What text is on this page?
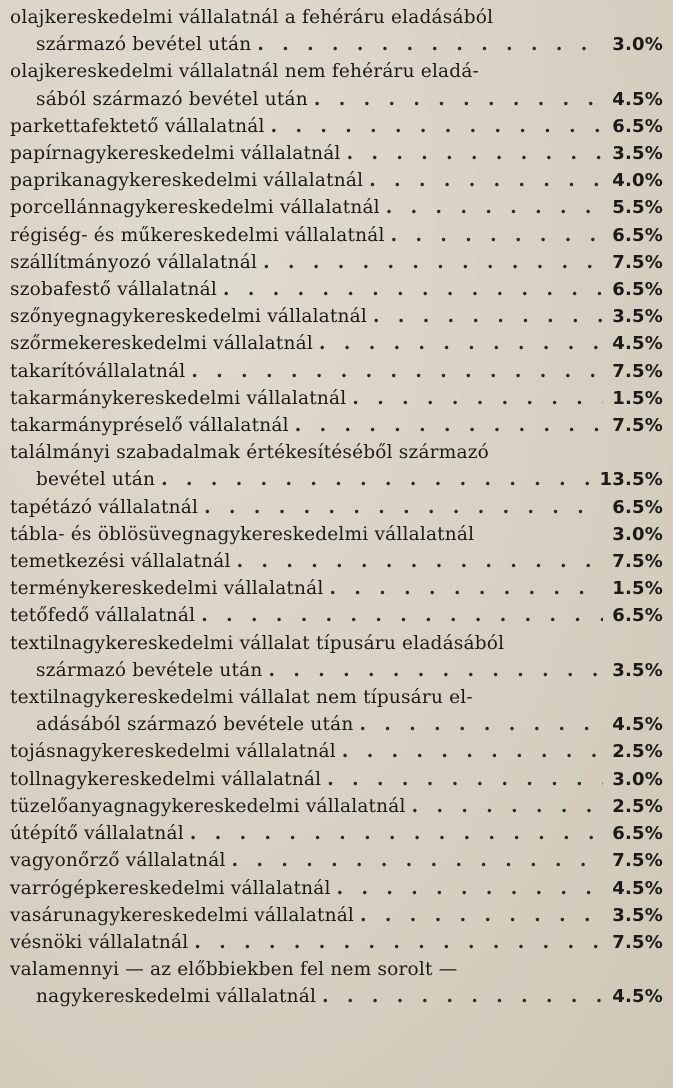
olajkereskedelmi vállalatnál a fehéráru eladásából
származó bevétel után . . .	3.0%
olajkereskedelmi vállalatnál nem fehéráru eladá-
sából származó bevétel után . . .	4.5%
parkettafektető vállalatnál . . .	6.5%
papírnagykereskedelmi vállalatnál . . .	3.5%
paprikanagykereskedelmi vállalatnál . . .	4.0%
porcellánnagykereskedelmi vállalatnál . . .	5.5%
régiség- és műkereskedelmi vállalatnál . . .	6.5%
szállítmányozó vállalatnál . . .	7.5%
szobafestő vállalatnál . . .	6.5%
szőnyegnagykereskedelmi vállalatnál . . .	3.5%
szőrmekereskedelmi vállalatnál . . .	4.5%
takarítóvállalatnál . . .	7.5%
takarmánykereskedelmi vállalatnál . . .	1.5%
takarmánypréselő vállalatnál . . .	7.5%
találmányi szabadalmak értékesítéséből származó
bevétel után . . .	13.5%
tapétázó vállalatnál . . .	6.5%
tábla- és öblösüvegnagykereskedelmi vállalatnál	3.0%
temetkezési vállalatnál . . .	7.5%
terménykereskedelmi vállalatnál . . .	1.5%
tetőfedő vállalatnál . . .	6.5%
textilnagykereskedelmi vállalat típusáru eladásából
származó bevétele után . . .	3.5%
textilnagykereskedelmi vállalat nem típusáru el-
adásából származó bevétele után . . .	4.5%
tojásnagykereskedelmi vállalatnál . . .	2.5%
tollnagykereskedelmi vállalatnál . . .	3.0%
tüzelőanyagnagykereskedelmi vállalatnál . . .	2.5%
útépítő vállalatnál . . .	6.5%
vagyonőrző vállalatnál . . .	7.5%
varrógépkereskedelmi vállalatnál . . .	4.5%
vasárunagykereskedelmi vállalatnál . . .	3.5%
vésnöki vállalatnál . . .	7.5%
valamennyi — az előbbiekben fel nem sorolt —
nagykereskedelmi vállalatnál . . .	4.5%
